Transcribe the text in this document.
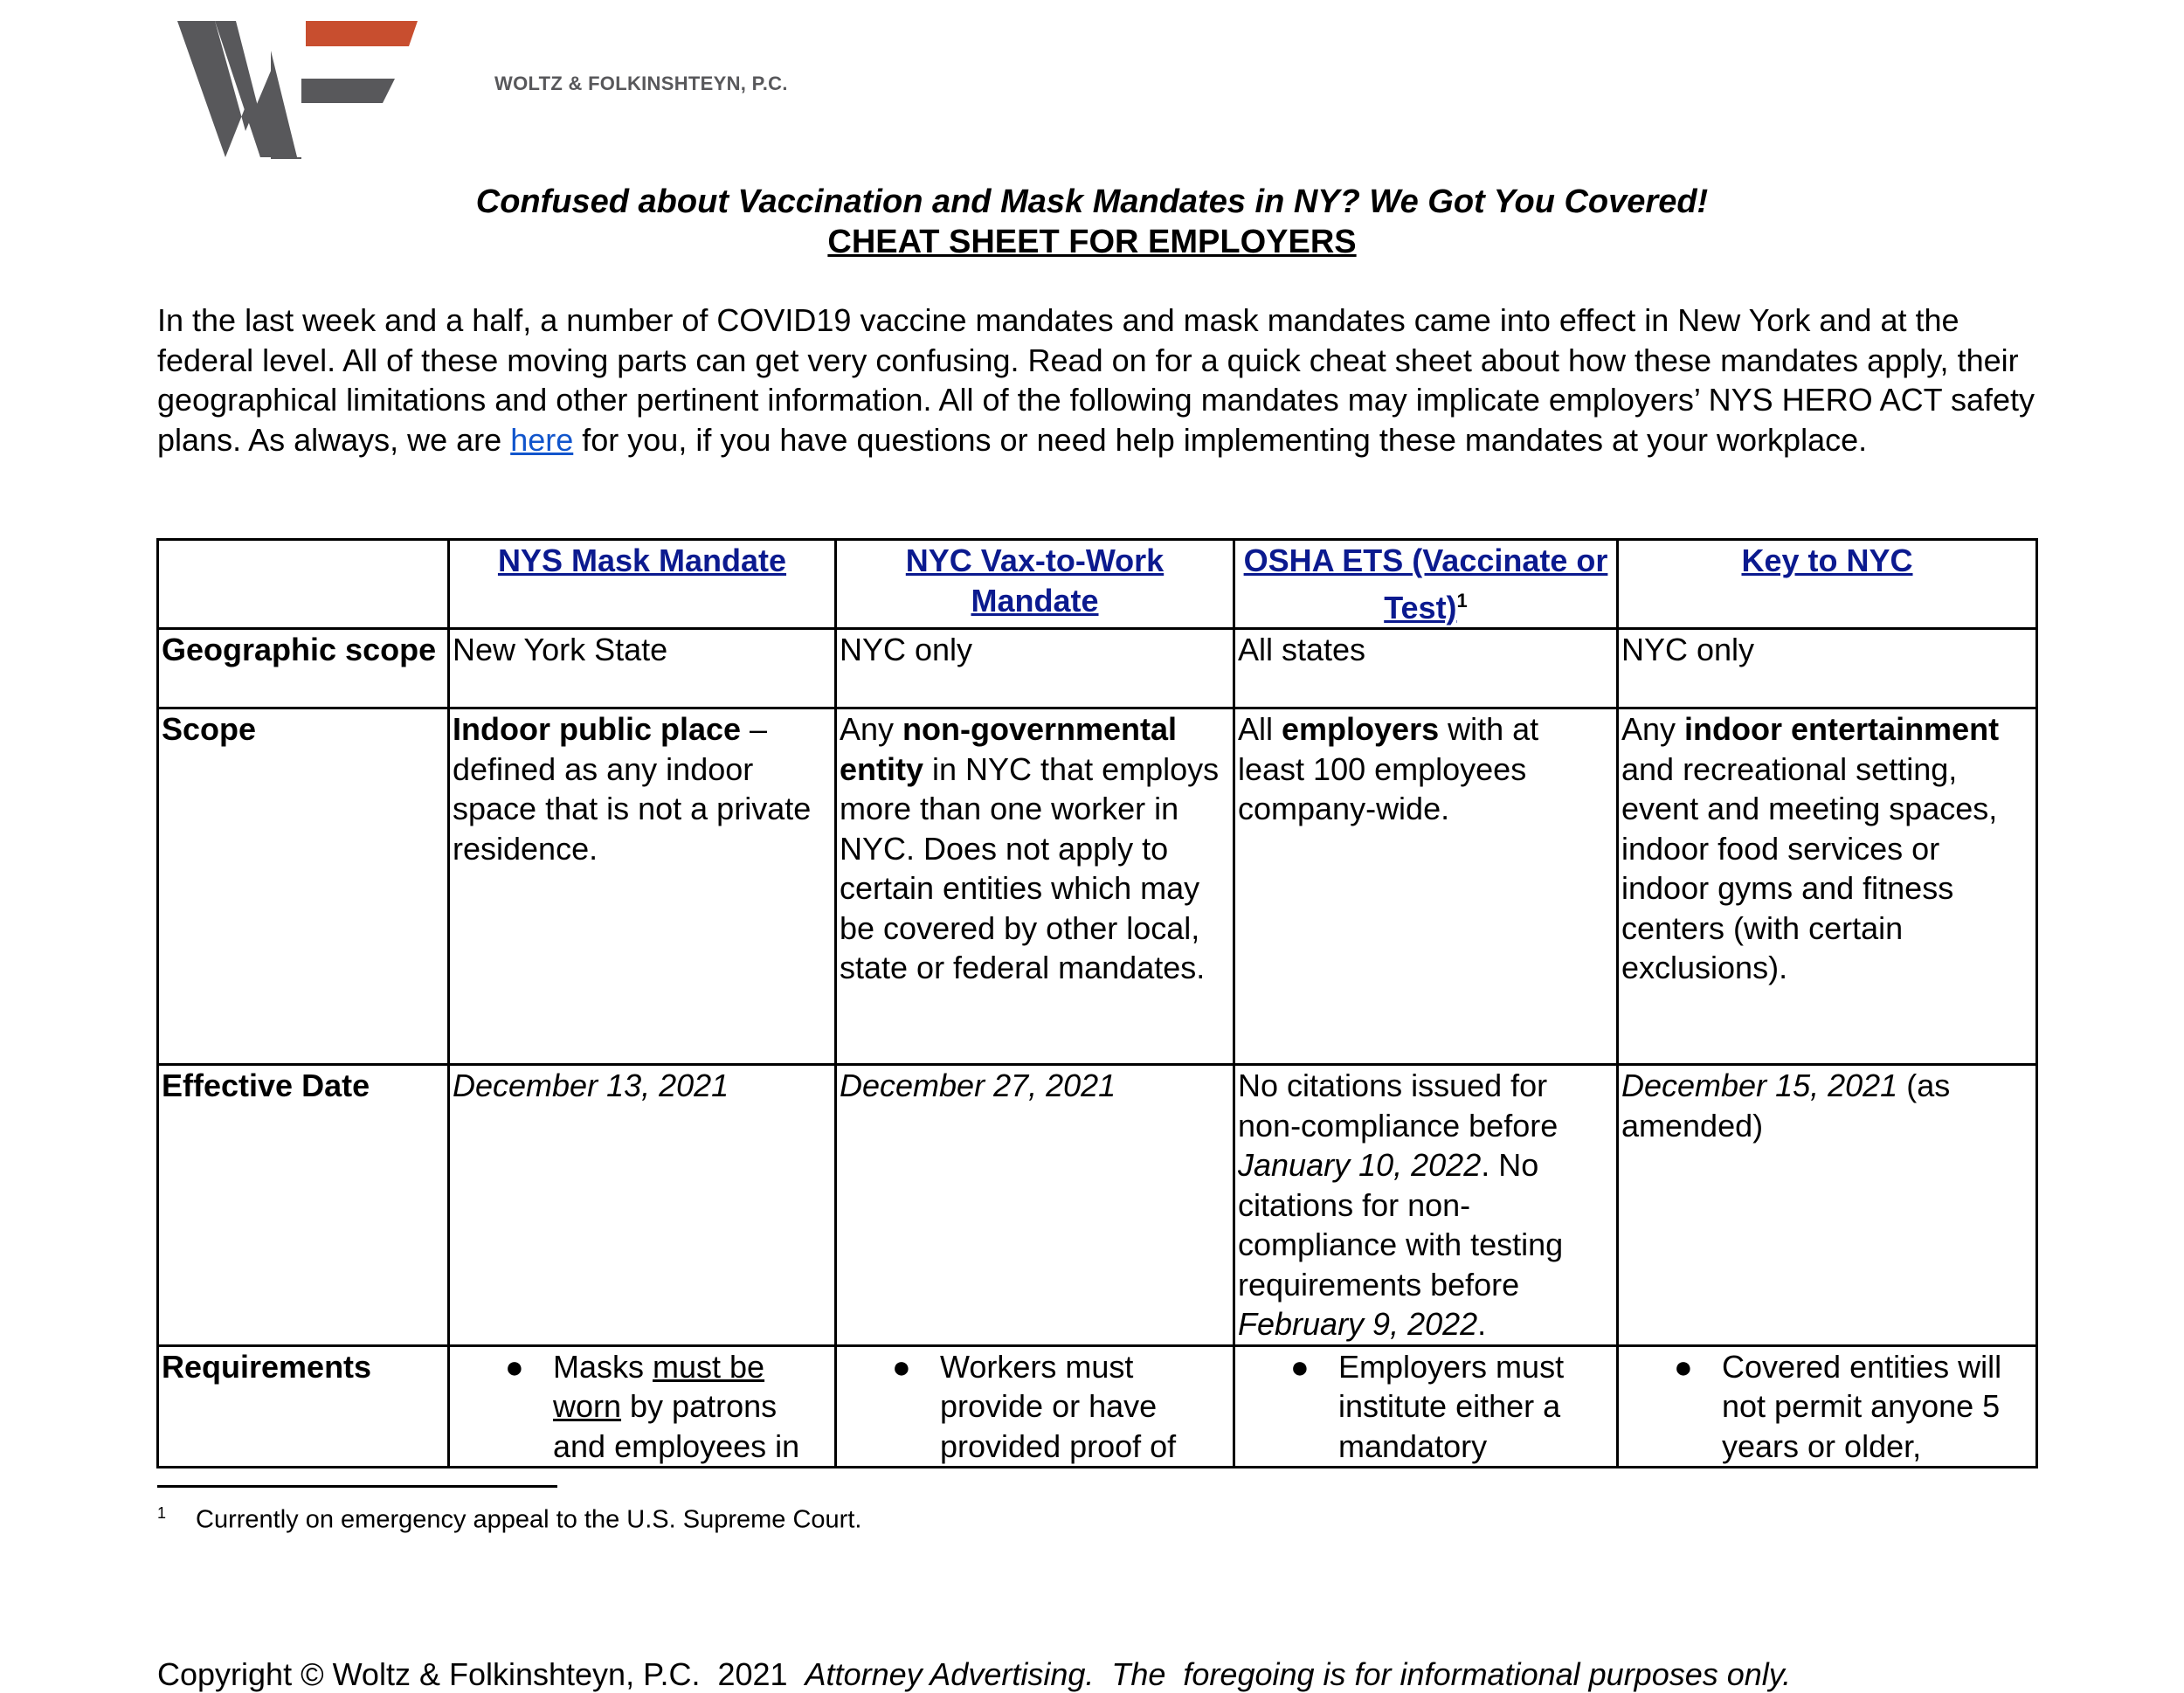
WOLTZ & FOLKINSHTEYN, P.C.
Confused about Vaccination and Mask Mandates in NY? We Got You Covered!
CHEAT SHEET FOR EMPLOYERS
In the last week and a half, a number of COVID19 vaccine mandates and mask mandates came into effect in New York and at the federal level. All of these moving parts can get very confusing. Read on for a quick cheat sheet about how these mandates apply, their geographical limitations and other pertinent information. All of the following mandates may implicate employers’ NYS HERO ACT safety plans. As always, we are here for you, if you have questions or need help implementing these mandates at your workplace.
	NYS Mask Mandate	NYC Vax-to-Work Mandate	OSHA ETS (Vaccinate or Test)$^1$	Key to NYC
Geographic scope	New York State	NYC only	All states	NYC only
Scope	Indoor public place – defined as any indoor space that is not a private residence.	Any non-governmental entity in NYC that employs more than one worker in NYC. Does not apply to certain entities which may be covered by other local, state or federal mandates.	All employers with at least 100 employees company-wide.	Any indoor entertainment and recreational setting, event and meeting spaces, indoor food services or indoor gyms and fitness centers (with certain exclusions).
Effective Date	December 13, 2021	December 27, 2021	No citations issued for non-compliance before January 10, 2022. No citations for non-compliance with testing requirements before February 9, 2022.	December 15, 2021 (as amended)
Requirements	● Masks must be worn by patrons and employees in	● Workers must provide or have provided proof of	● Employers must institute either a mandatory	● Covered entities will not permit anyone 5 years or older,
$^1$ Currently on emergency appeal to the U.S. Supreme Court.
Copyright © Woltz & Folkinshteyn, P.C.  2021  Attorney Advertising.  The  foregoing is for informational purposes only.
